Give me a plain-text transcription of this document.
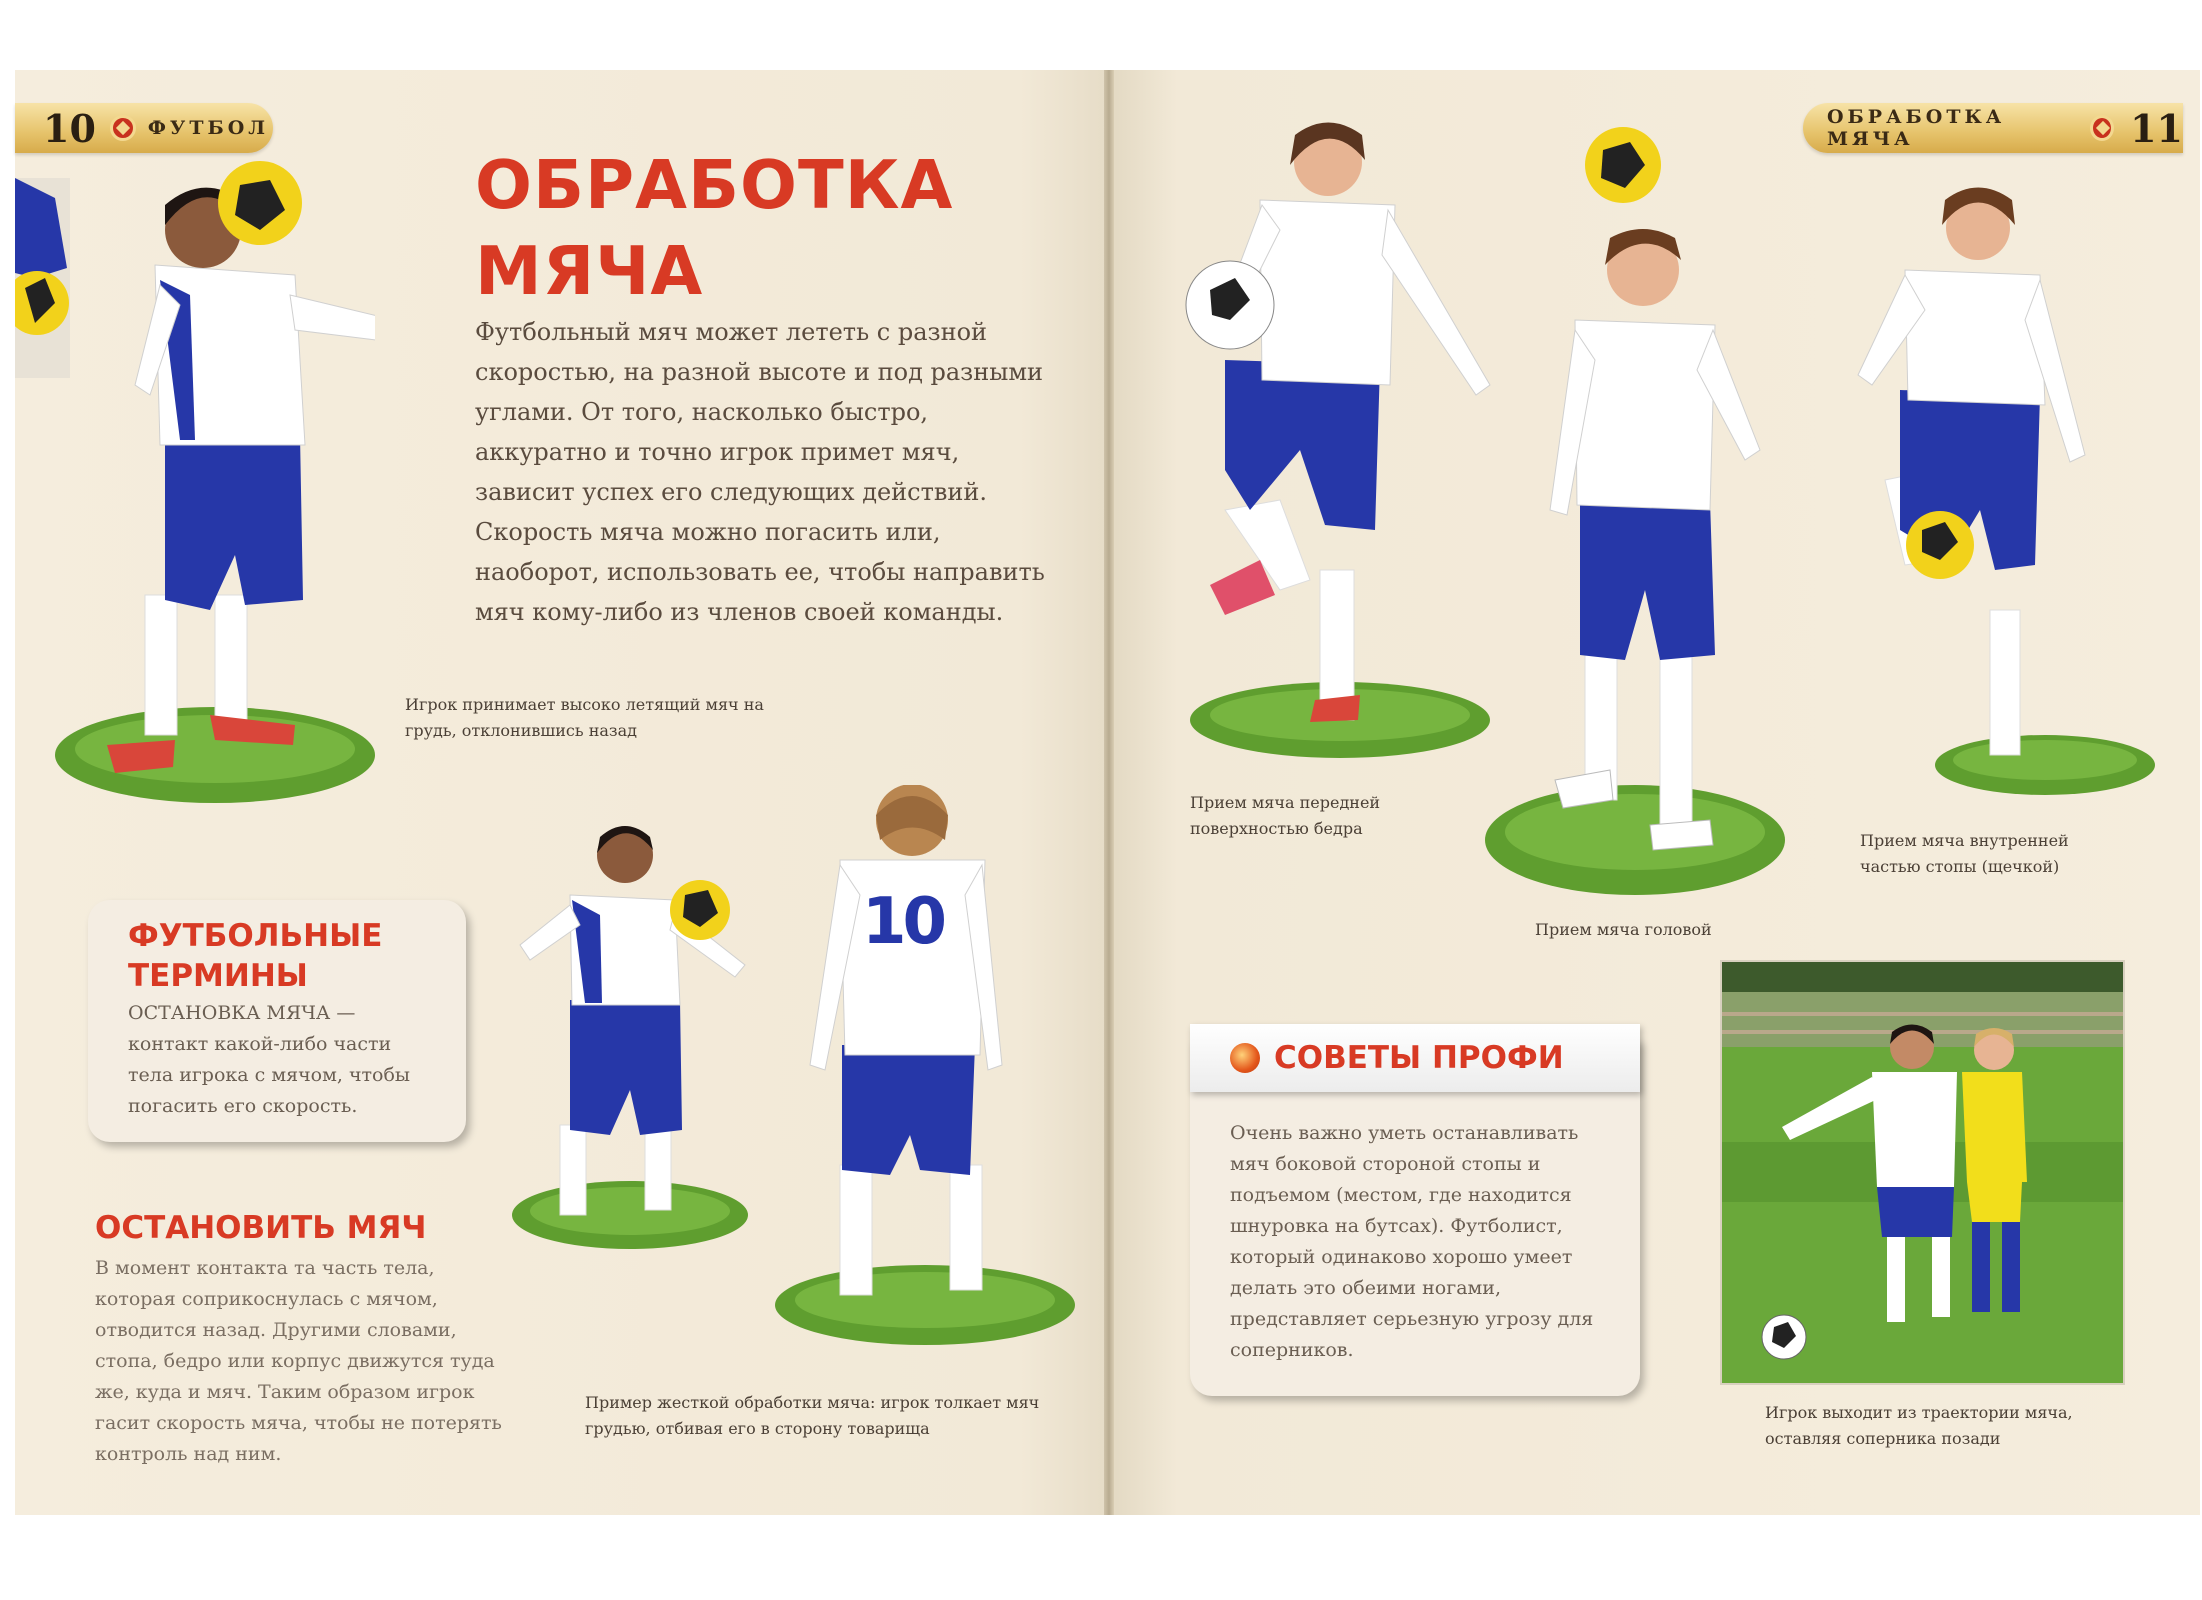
10	ФУТБОЛ	ОБРАБОТКА МЯЧА	11
ОБРАБОТКА
МЯЧА
Футбольный мяч может лететь с разной скоростью, на разной высоте и под разными углами. От того, насколько быстро, аккуратно и точно игрок примет мяч, зависит успех его следующих действий. Скорость мяча можно погасить или, наоборот, использовать ее, чтобы направить мяч кому-либо из членов своей команды.
Игрок принимает высоко летящий мяч на грудь, отклонившись назад
ФУТБОЛЬНЫЕ ТЕРМИНЫ
ОСТАНОВКА МЯЧА — контакт какой-либо части тела игрока с мячом, чтобы погасить его скорость.
ОСТАНОВИТЬ МЯЧ
В момент контакта та часть тела, которая соприкоснулась с мячом, отводится назад. Другими словами, стопа, бедро или корпус движутся туда же, куда и мяч. Таким образом игрок гасит скорость мяча, чтобы не потерять контроль над ним.
10
Пример жесткой обработки мяча: игрок толкает мяч грудью, отбивая его в сторону товарища
Прием мяча передней поверхностью бедра
Прием мяча головой
Прием мяча внутренней частью стопы (щечкой)
Очень важно уметь останавливать мяч боковой стороной стопы и подъемом (местом, где находится шнуровка на бутсах). Футболист, который одинаково хорошо умеет делать это обеими ногами, представляет серьезную угрозу для соперников.
СОВЕТЫ ПРОФИ
Игрок выходит из траектории мяча, оставляя соперника позади
